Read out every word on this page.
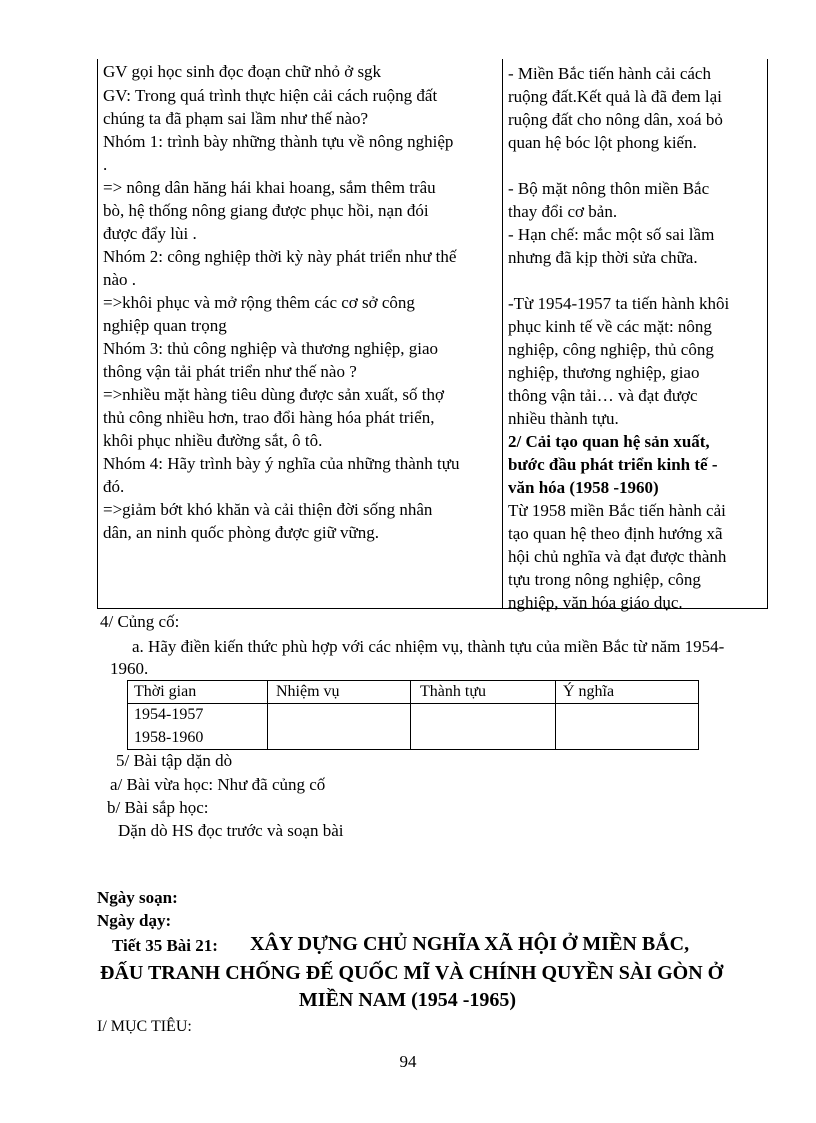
GV gọi học sinh đọc đoạn chữ nhỏ ở sgk
GV: Trong quá trình thực hiện cải cách ruộng đất
chúng ta đã phạm sai lầm như thế nào?
Nhóm 1: trình bày những thành tựu về nông nghiệp
.
=> nông dân hăng hái khai hoang, sắm thêm trâu
bò, hệ thống nông giang được phục hồi, nạn đói
được đẩy lùi .
Nhóm 2: công nghiệp thời kỳ này phát triển như thế
nào .
=>khôi phục và mở rộng thêm các cơ sở công
nghiệp quan trọng
Nhóm 3: thủ công nghiệp và thương nghiệp, giao
thông vận tải phát triển như thế nào ?
=>nhiều mặt hàng tiêu dùng được sản xuất, số thợ
thủ công nhiều hơn, trao đổi hàng hóa phát triển,
khôi phục nhiều đường sắt, ô tô.
Nhóm 4: Hãy trình bày ý nghĩa của những thành tựu
đó.
=>giảm bớt khó khăn và cải thiện đời sống nhân
dân, an ninh quốc phòng được giữ vững.
- Miền Bắc tiến hành cải cách
ruộng đất.Kết quả là đã đem lại
ruộng đất cho nông dân, xoá bỏ
quan hệ bóc lột phong kiến.
- Bộ mặt nông thôn miền Bắc
thay đổi cơ bản.
- Hạn chế: mắc một số sai lầm
nhưng đã kịp thời sửa chữa.
-Từ 1954-1957 ta tiến hành khôi
phục kinh tế về các mặt: nông
nghiệp, công nghiệp, thủ công
nghiệp, thương nghiệp, giao
thông vận tải… và đạt được
nhiều thành tựu.
2/ Cải tạo quan hệ sản xuất,
bước đầu phát triển kinh tế -
văn hóa (1958 -1960)
Từ 1958 miền Bắc tiến hành cải
tạo quan hệ theo định hướng xã
hội chủ nghĩa và đạt được thành
tựu trong nông nghiệp, công
nghiệp, văn hóa giáo dục.
4/ Củng cố:
a. Hãy điền kiến thức phù hợp với các nhiệm vụ, thành tựu của miền Bắc từ năm 1954-
1960.
Thời gian	Nhiệm vụ	Thành tựu	Ý nghĩa
1954-1957
1958-1960
5/ Bài tập dặn dò
a/ Bài vừa học: Như đã củng cố
b/ Bài sắp học:
Dặn dò HS đọc trước và soạn bài
Ngày soạn:
Ngày dạy:
Tiết 35 Bài 21: XÂY DỰNG CHỦ NGHĨA XÃ HỘI Ở MIỀN BẮC,
ĐẤU TRANH CHỐNG ĐẾ QUỐC MĨ VÀ CHÍNH QUYỀN SÀI GÒN Ở
MIỀN NAM (1954 -1965)
I/ MỤC TIÊU:
94
